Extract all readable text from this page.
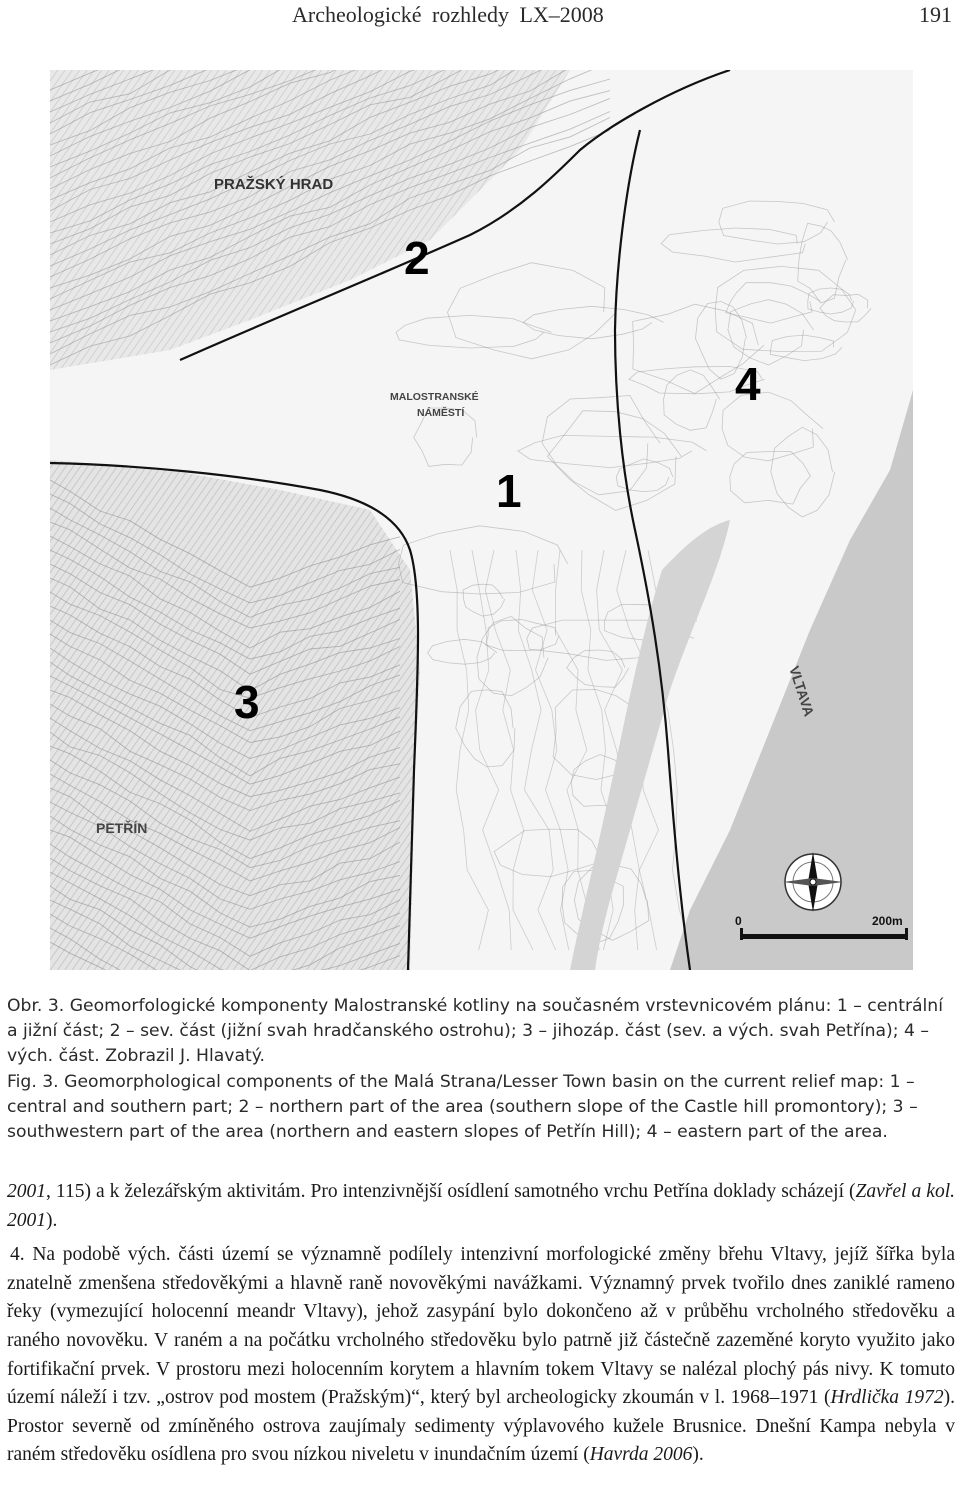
Archeologické rozhledy LX–2008	191
PRAŽSKÝ HRAD
MALOSTRANSKÉ
NÁMĚSTÍ
PETŘÍN
VLTAVA
2
1
4
3
0	200m
Obr. 3. Geomorfologické komponenty Malostranské kotliny na současném vrstevnicovém plánu: 1 – centrální a jižní část; 2 – sev. část (jižní svah hradčanského ostrohu); 3 – jihozáp. část (sev. a vých. svah Petřína); 4 – vých. část. Zobrazil J. Hlavatý.
Fig. 3. Geomorphological components of the Malá Strana/Lesser Town basin on the current relief map: 1 – central and southern part; 2 – northern part of the area (southern slope of the Castle hill promontory); 3 – southwestern part of the area (northern and eastern slopes of Petřín Hill); 4 – eastern part of the area.

2001, 115) a k železářským aktivitám. Pro intenzivnější osídlení samotného vrchu Petřína doklady scházejí (Zavřel a kol. 2001).

4. Na podobě vých. části území se významně podílely intenzivní morfologické změny břehu Vltavy, jejíž šířka byla znatelně zmenšena středověkými a hlavně raně novověkými navážkami. Významný prvek tvořilo dnes zaniklé rameno řeky (vymezující holocenní meandr Vltavy), jehož zasypání bylo dokončeno až v průběhu vrcholného středověku a raného novověku. V raném a na počátku vrcholného středověku bylo patrně již částečně zazeměné koryto využito jako fortifikační prvek. V prostoru mezi holocenním korytem a hlavním tokem Vltavy se nalézal plochý pás nivy. K tomuto území náleží i tzv. „ostrov pod mostem (Pražským)“, který byl archeologicky zkoumán v l. 1968–1971 (Hrdlička 1972). Prostor severně od zmíněného ostrova zaujímaly sedimenty výplavového kužele Brusnice. Dnešní Kampa nebyla v raném středověku osídlena pro svou nízkou niveletu v inundačním území (Havrda 2006).
